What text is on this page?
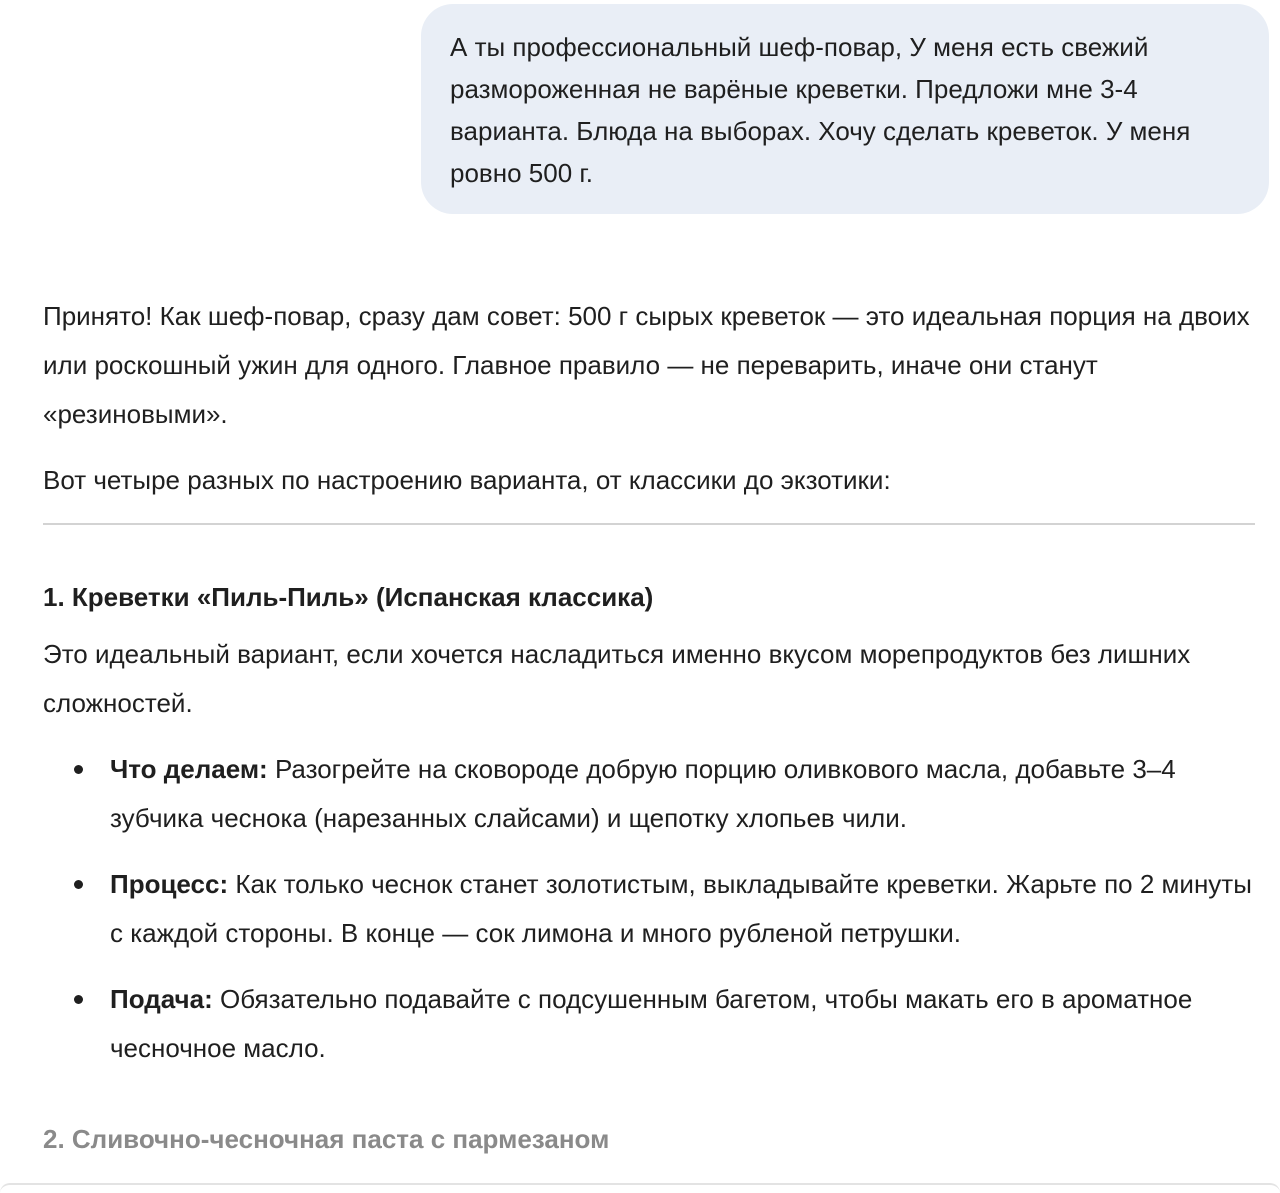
А ты профессиональный шеф-повар, У меня есть свежий размороженная не варёные креветки. Предложи мне 3-4 варианта. Блюда на выборах. Хочу сделать креветок. У меня ровно 500 г.

Принято! Как шеф-повар, сразу дам совет: 500 г сырых креветок — это идеальная порция на двоих или роскошный ужин для одного. Главное правило — не переварить, иначе они станут «резиновыми».

Вот четыре разных по настроению варианта, от классики до экзотики:

1. Креветки «Пиль-Пиль» (Испанская классика)

Это идеальный вариант, если хочется насладиться именно вкусом морепродуктов без лишних сложностей.

Что делаем: Разогрейте на сковороде добрую порцию оливкового масла, добавьте 3–4 зубчика чеснока (нарезанных слайсами) и щепотку хлопьев чили.
Процесс: Как только чеснок станет золотистым, выкладывайте креветки. Жарьте по 2 минуты с каждой стороны. В конце — сок лимона и много рубленой петрушки.
Подача: Обязательно подавайте с подсушенным багетом, чтобы макать его в ароматное чесночное масло.
2. Сливочно-чесночная паста с пармезаном
